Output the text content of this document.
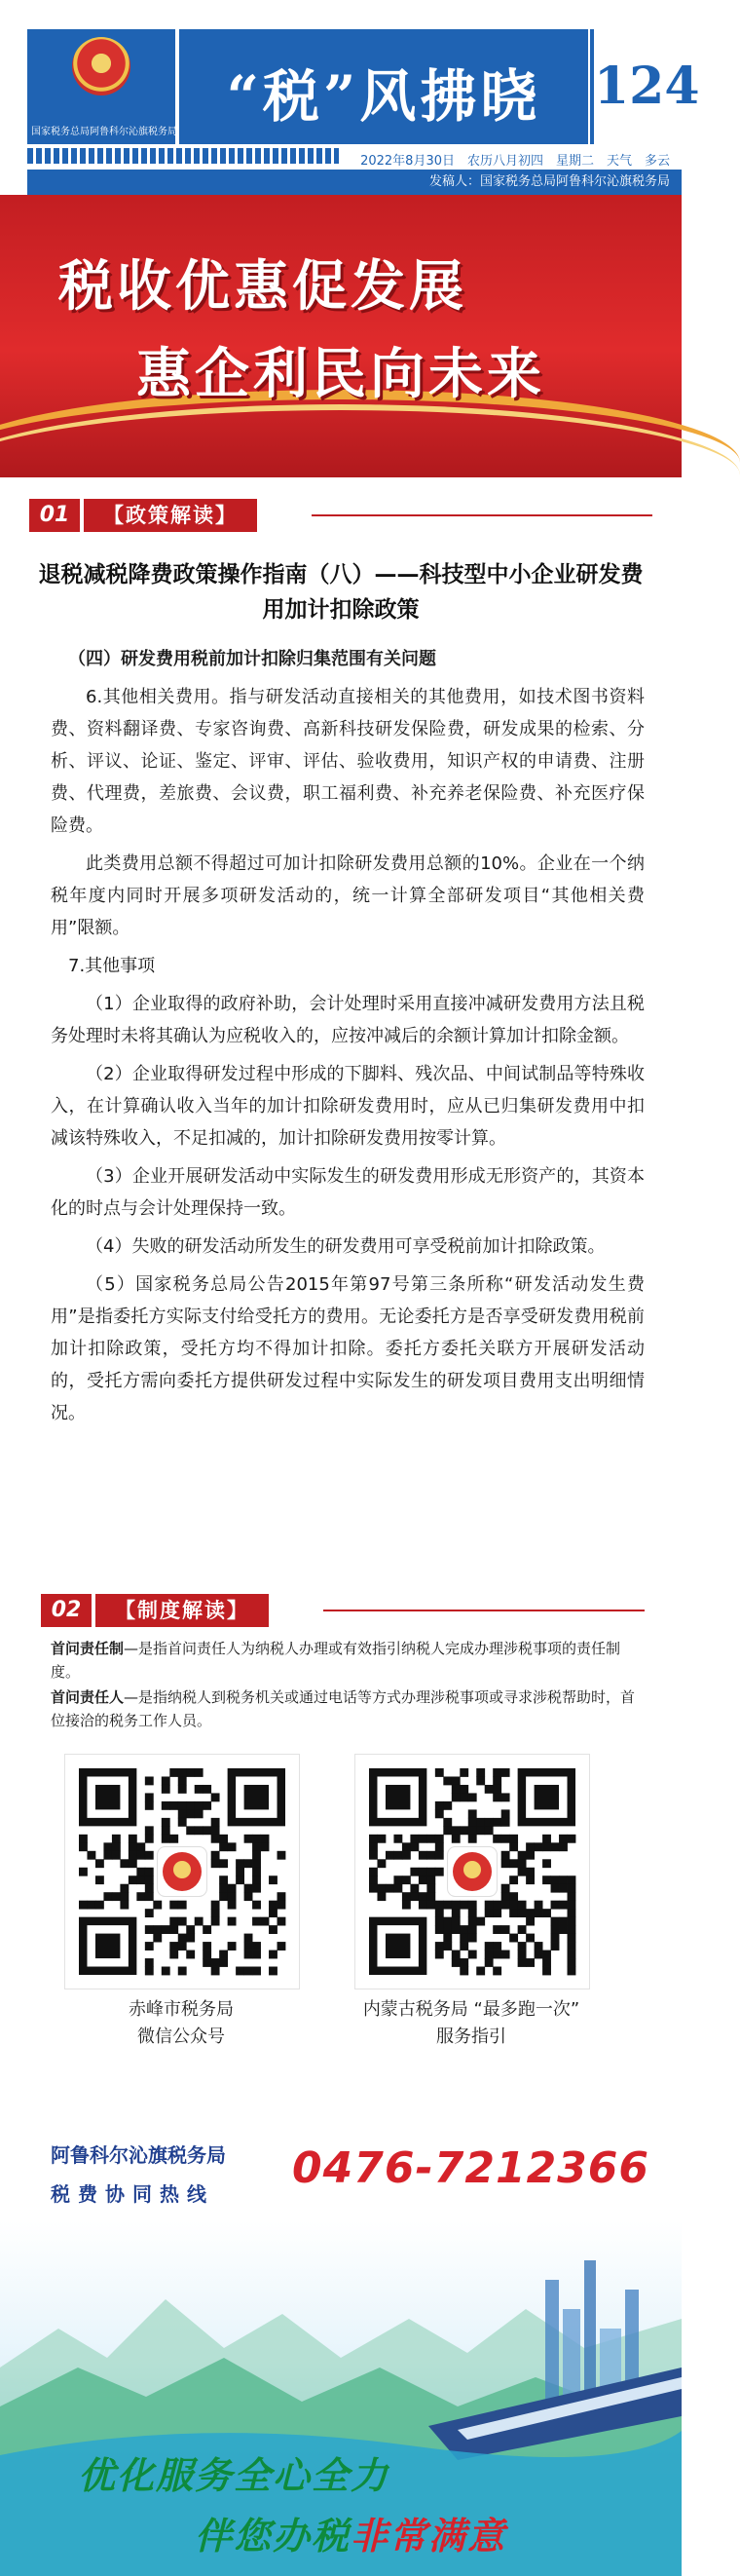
国家税务总局阿鲁科尔沁旗税务局
“税”风拂晓	124
2022年8月30日　农历八月初四　星期二　天气　多云
发稿人：国家税务总局阿鲁科尔沁旗税务局
税收优惠促发展
惠企利民向未来
01	【政策解读】
退税减税降费政策操作指南（八）——科技型中小企业研发费用加计扣除政策

（四）研发费用税前加计扣除归集范围有关问题

6.其他相关费用。指与研发活动直接相关的其他费用，如技术图书资料费、资料翻译费、专家咨询费、高新科技研发保险费，研发成果的检索、分析、评议、论证、鉴定、评审、评估、验收费用，知识产权的申请费、注册费、代理费，差旅费、会议费，职工福利费、补充养老保险费、补充医疗保险费。

此类费用总额不得超过可加计扣除研发费用总额的10%。企业在一个纳税年度内同时开展多项研发活动的，统一计算全部研发项目“其他相关费用”限额。

7.其他事项

（1）企业取得的政府补助，会计处理时采用直接冲减研发费用方法且税务处理时未将其确认为应税收入的，应按冲减后的余额计算加计扣除金额。

（2）企业取得研发过程中形成的下脚料、残次品、中间试制品等特殊收入，在计算确认收入当年的加计扣除研发费用时，应从已归集研发费用中扣减该特殊收入，不足扣减的，加计扣除研发费用按零计算。

（3）企业开展研发活动中实际发生的研发费用形成无形资产的，其资本化的时点与会计处理保持一致。

（4）失败的研发活动所发生的研发费用可享受税前加计扣除政策。

（5）国家税务总局公告2015年第97号第三条所称“研发活动发生费用”是指委托方实际支付给受托方的费用。无论委托方是否享受研发费用税前加计扣除政策，受托方均不得加计扣除。委托方委托关联方开展研发活动的，受托方需向委托方提供研发过程中实际发生的研发项目费用支出明细情况。

02	【制度解读】
首问责任制—是指首问责任人为纳税人办理或有效指引纳税人完成办理涉税事项的责任制度。
首问责任人—是指纳税人到税务机关或通过电话等方式办理涉税事项或寻求涉税帮助时，首位接洽的税务工作人员。
赤峰市税务局
微信公众号
内蒙古税务局 “最多跑一次”
服务指引
阿鲁科尔沁旗税务局
税费协同热线
0476-7212366
优化服务全心全力
伴您办税非常满意
